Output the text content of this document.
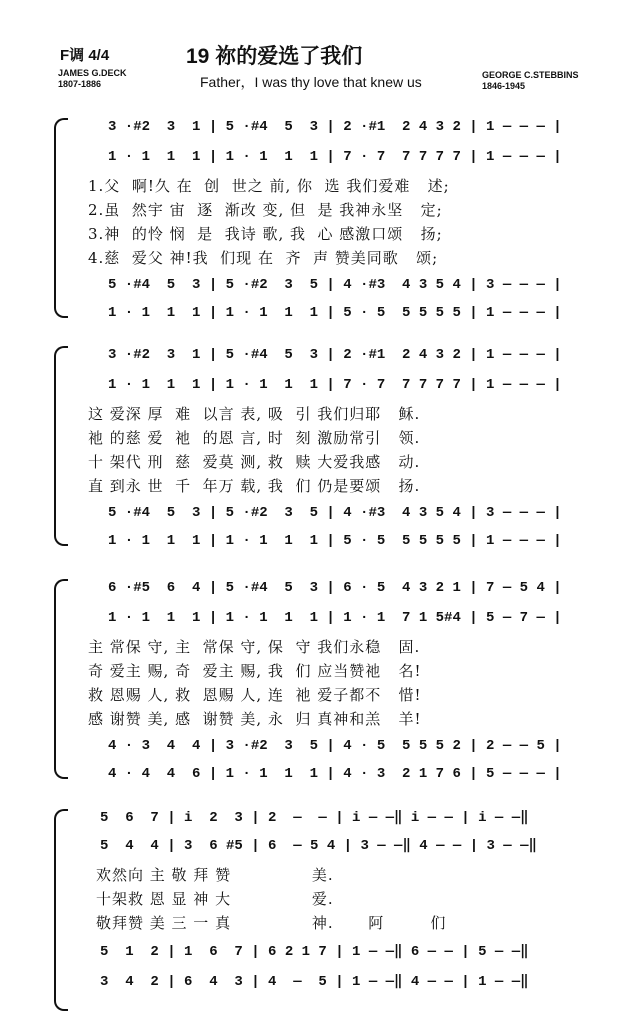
F调 4/4	19 祢的爱选了我们
Father，I was thy love that knew us
JAMES G.DECK
1807-1886
GEORGE C.STEBBINS
1846-1945
3 ·#2  3  1 | 5 ·#4  5  3 | 2 ·#1  2 4 3 2 | 1 — — — |
1 · 1  1  1 | 1 · 1  1  1 | 7 · 7  7 7 7 7 | 1 — — — |
1.父  啊!久 在  创  世之 前, 你  选 我们爱难   述;
2.虽  然宇 宙  逐  渐改 变, 但  是 我神永坚   定;
3.神  的怜 悯  是  我诗 歌, 我  心 感激口颂   扬;
4.慈  爱父 神!我  们现 在  齐  声 赞美同歌   颂;
5 ·#4  5  3 | 5 ·#2  3  5 | 4 ·#3  4 3 5 4 | 3 — — — |
1 · 1  1  1 | 1 · 1  1  1 | 5 · 5  5 5 5 5 | 1 — — — |
3 ·#2  3  1 | 5 ·#4  5  3 | 2 ·#1  2 4 3 2 | 1 — — — |
1 · 1  1  1 | 1 · 1  1  1 | 7 · 7  7 7 7 7 | 1 — — — |
这 爱深 厚  难  以言 表, 吸  引 我们归耶   稣.
祂 的慈 爱  祂  的恩 言, 时  刻 激励常引   领.
十 架代 刑  慈  爱莫 测, 救  赎 大爱我感   动.
直 到永 世  千  年万 载, 我  们 仍是要颂   扬.
5 ·#4  5  3 | 5 ·#2  3  5 | 4 ·#3  4 3 5 4 | 3 — — — |
1 · 1  1  1 | 1 · 1  1  1 | 5 · 5  5 5 5 5 | 1 — — — |
6 ·#5  6  4 | 5 ·#4  5  3 | 6 · 5  4 3 2 1 | 7 — 5 4 |
1 · 1  1  1 | 1 · 1  1  1 | 1 · 1  7 1 5#4 | 5 — 7 — |
主 常保 守, 主  常保 守, 保  守 我们永稳   固.
奇 爱主 赐, 奇  爱主 赐, 我  们 应当赞祂   名!
救 恩赐 人, 救  恩赐 人, 连  祂 爱子都不   惜!
感 谢赞 美, 感  谢赞 美, 永  归 真神和羔   羊!
4 · 3  4  4 | 3 ·#2  3  5 | 4 · 5  5 5 5 2 | 2 — — 5 |
4 · 4  4  6 | 1 · 1  1  1 | 4 · 3  2 1 7 6 | 5 — — — |
5  6  7 | i  2  3 | 2  —  — | i — —‖ i — — | i — —‖
5  4  4 | 3  6 #5 | 6  — 5 4 | 3 — —‖ 4 — — | 3 — —‖
欢然向 主 敬 拜 赞              美.
十架救 恩 显 神 大              爱.
敬拜赞 美 三 一 真              神.      阿        们
5  1  2 | 1  6  7 | 6 2 1 7 | 1 — —‖ 6 — — | 5 — —‖
3  4  2 | 6  4  3 | 4  —  5 | 1 — —‖ 4 — — | 1 — —‖
